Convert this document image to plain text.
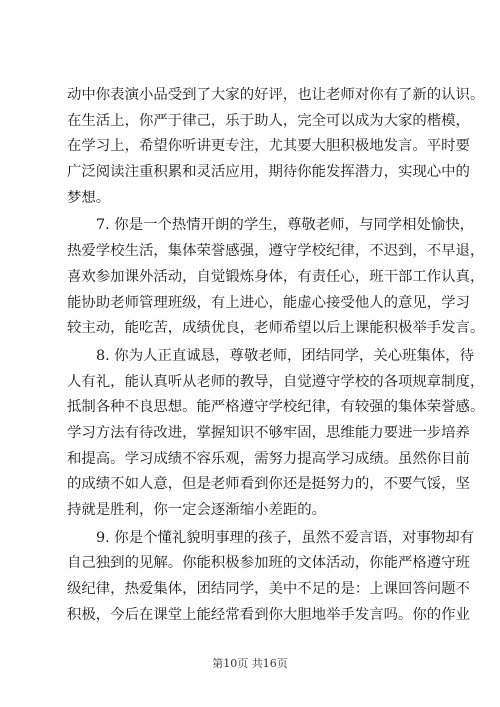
动中你表演小品受到了大家的好评，也让老师对你有了新的认识。
在生活上，你严于律己，乐于助人，完全可以成为大家的楷模，
在学习上，希望你听讲更专注，尤其要大胆积极地发言。平时要
广泛阅读注重积累和灵活应用，期待你能发挥潜力，实现心中的
梦想。
7. 你是一个热情开朗的学生，尊敬老师，与同学相处愉快，
热爱学校生活，集体荣誉感强，遵守学校纪律，不迟到，不早退，
喜欢参加课外活动，自觉锻炼身体，有责任心，班干部工作认真，
能协助老师管理班级，有上进心，能虚心接受他人的意见，学习
较主动，能吃苦，成绩优良，老师希望以后上课能积极举手发言。
8. 你为人正直诚恳，尊敬老师，团结同学，关心班集体，待
人有礼，能认真听从老师的教导，自觉遵守学校的各项规章制度，
抵制各种不良思想。能严格遵守学校纪律，有较强的集体荣誉感。
学习方法有待改进，掌握知识不够牢固，思维能力要进一步培养
和提高。学习成绩不容乐观，需努力提高学习成绩。虽然你目前
的成绩不如人意，但是老师看到你还是挺努力的，不要气馁，坚
持就是胜利，你一定会逐渐缩小差距的。
9. 你是个懂礼貌明事理的孩子，虽然不爱言语，对事物却有
自己独到的见解。你能积极参加班的文体活动，你能严格遵守班
级纪律，热爱集体，团结同学，美中不足的是：上课回答问题不
积极，今后在课堂上能经常看到你大胆地举手发言吗。你的作业
第10页 共16页
